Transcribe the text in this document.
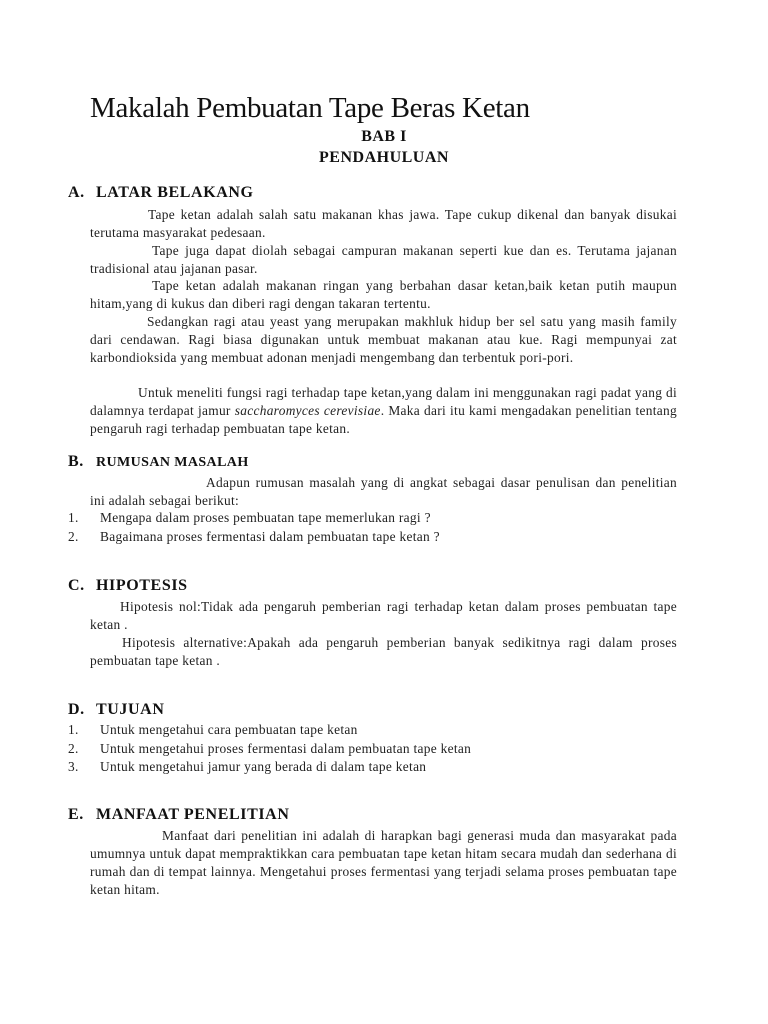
Makalah Pembuatan Tape Beras Ketan
BAB I
PENDAHULUAN
A. LATAR BELAKANG

Tape ketan adalah salah satu makanan khas jawa. Tape cukup dikenal dan banyak disukai terutama masyarakat pedesaan.

Tape juga dapat diolah sebagai campuran makanan seperti kue dan es. Terutama jajanan tradisional atau jajanan pasar.

Tape ketan adalah makanan ringan yang berbahan dasar ketan,baik ketan putih maupun hitam,yang di kukus dan diberi ragi dengan takaran tertentu.

Sedangkan ragi atau yeast yang merupakan makhluk hidup ber sel satu yang masih family dari cendawan. Ragi biasa digunakan untuk membuat makanan atau kue. Ragi mempunyai zat karbondioksida yang membuat adonan menjadi mengembang dan terbentuk pori-pori.

Untuk meneliti fungsi ragi terhadap tape ketan,yang dalam ini menggunakan ragi padat yang di dalamnya terdapat jamur saccharomyces cerevisiae. Maka dari itu kami mengadakan penelitian tentang pengaruh ragi terhadap pembuatan tape ketan.

B. RUMUSAN MASALAH

Adapun rumusan masalah yang di angkat sebagai dasar penulisan dan penelitian ini adalah sebagai berikut:

1.	Mengapa dalam proses pembuatan tape memerlukan ragi ?
2.	Bagaimana proses fermentasi dalam pembuatan tape ketan ?
C. HIPOTESIS

Hipotesis nol:Tidak ada pengaruh pemberian ragi terhadap ketan dalam proses pembuatan tape ketan .

Hipotesis alternative:Apakah ada pengaruh pemberian banyak sedikitnya ragi dalam proses pembuatan tape ketan .

D. TUJUAN
1.	Untuk mengetahui cara pembuatan tape ketan
2.	Untuk mengetahui proses fermentasi dalam pembuatan tape ketan
3.	Untuk mengetahui jamur yang berada di dalam tape ketan
E. MANFAAT PENELITIAN

Manfaat dari penelitian ini adalah di harapkan bagi generasi muda dan masyarakat pada umumnya untuk dapat mempraktikkan cara pembuatan tape ketan hitam secara mudah dan sederhana di rumah dan di tempat lainnya. Mengetahui proses fermentasi yang terjadi selama proses pembuatan tape ketan hitam.
